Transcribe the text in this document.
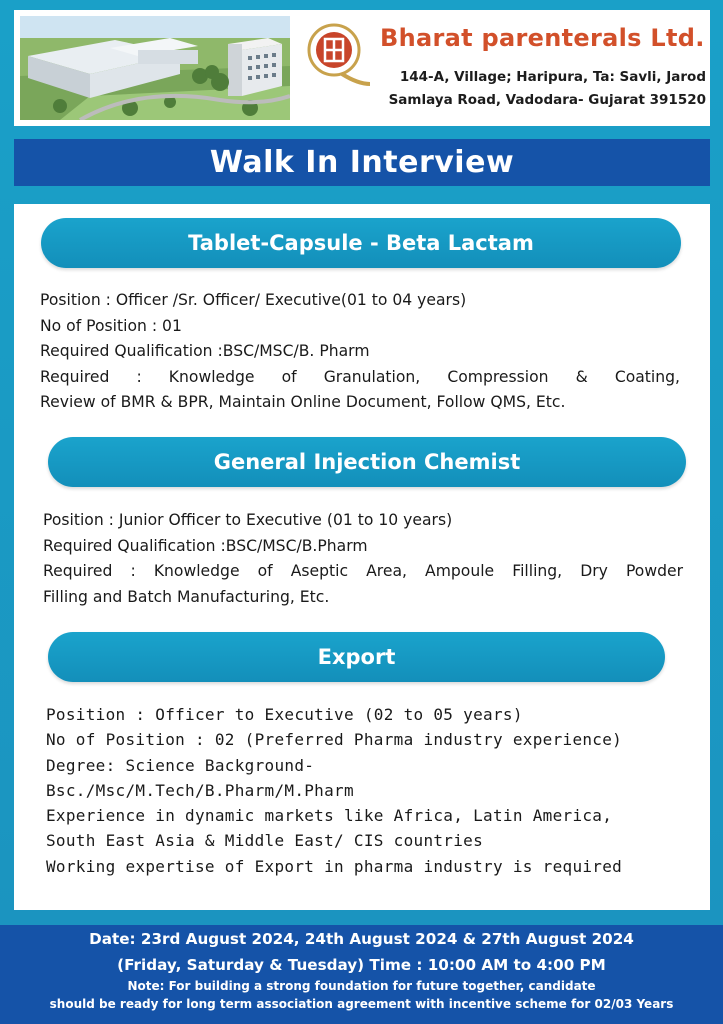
Bharat parenterals Ltd.
144-A, Village; Haripura, Ta: Savli, Jarod
Samlaya Road, Vadodara- Gujarat 391520
Walk In Interview
Tablet-Capsule - Beta Lactam

Position : Officer /Sr. Officer/ Executive(01 to 04 years)

No of Position : 01

Required Qualification :BSC/MSC/B. Pharm

Required : Knowledge of Granulation, Compression & Coating,

Review of BMR & BPR, Maintain Online Document, Follow QMS, Etc.

General Injection Chemist

Position : Junior Officer to Executive (01 to 10 years)

Required Qualification :BSC/MSC/B.Pharm

Required : Knowledge of Aseptic Area, Ampoule Filling, Dry Powder

Filling and Batch Manufacturing, Etc.

Export

Position : Officer to Executive (02 to 05 years)

No of Position : 02 (Preferred Pharma industry experience)

Degree: Science Background-

Bsc./Msc/M.Tech/B.Pharm/M.Pharm

Experience in dynamic markets like Africa, Latin America,

South East Asia & Middle East/ CIS countries

Working expertise of Export in pharma industry is required

Date: 23rd August 2024, 24th August 2024 & 27th August 2024
(Friday, Saturday & Tuesday) Time : 10:00 AM to 4:00 PM
Note: For building a strong foundation for future together, candidate
should be ready for long term association agreement with incentive scheme for 02/03 Years
